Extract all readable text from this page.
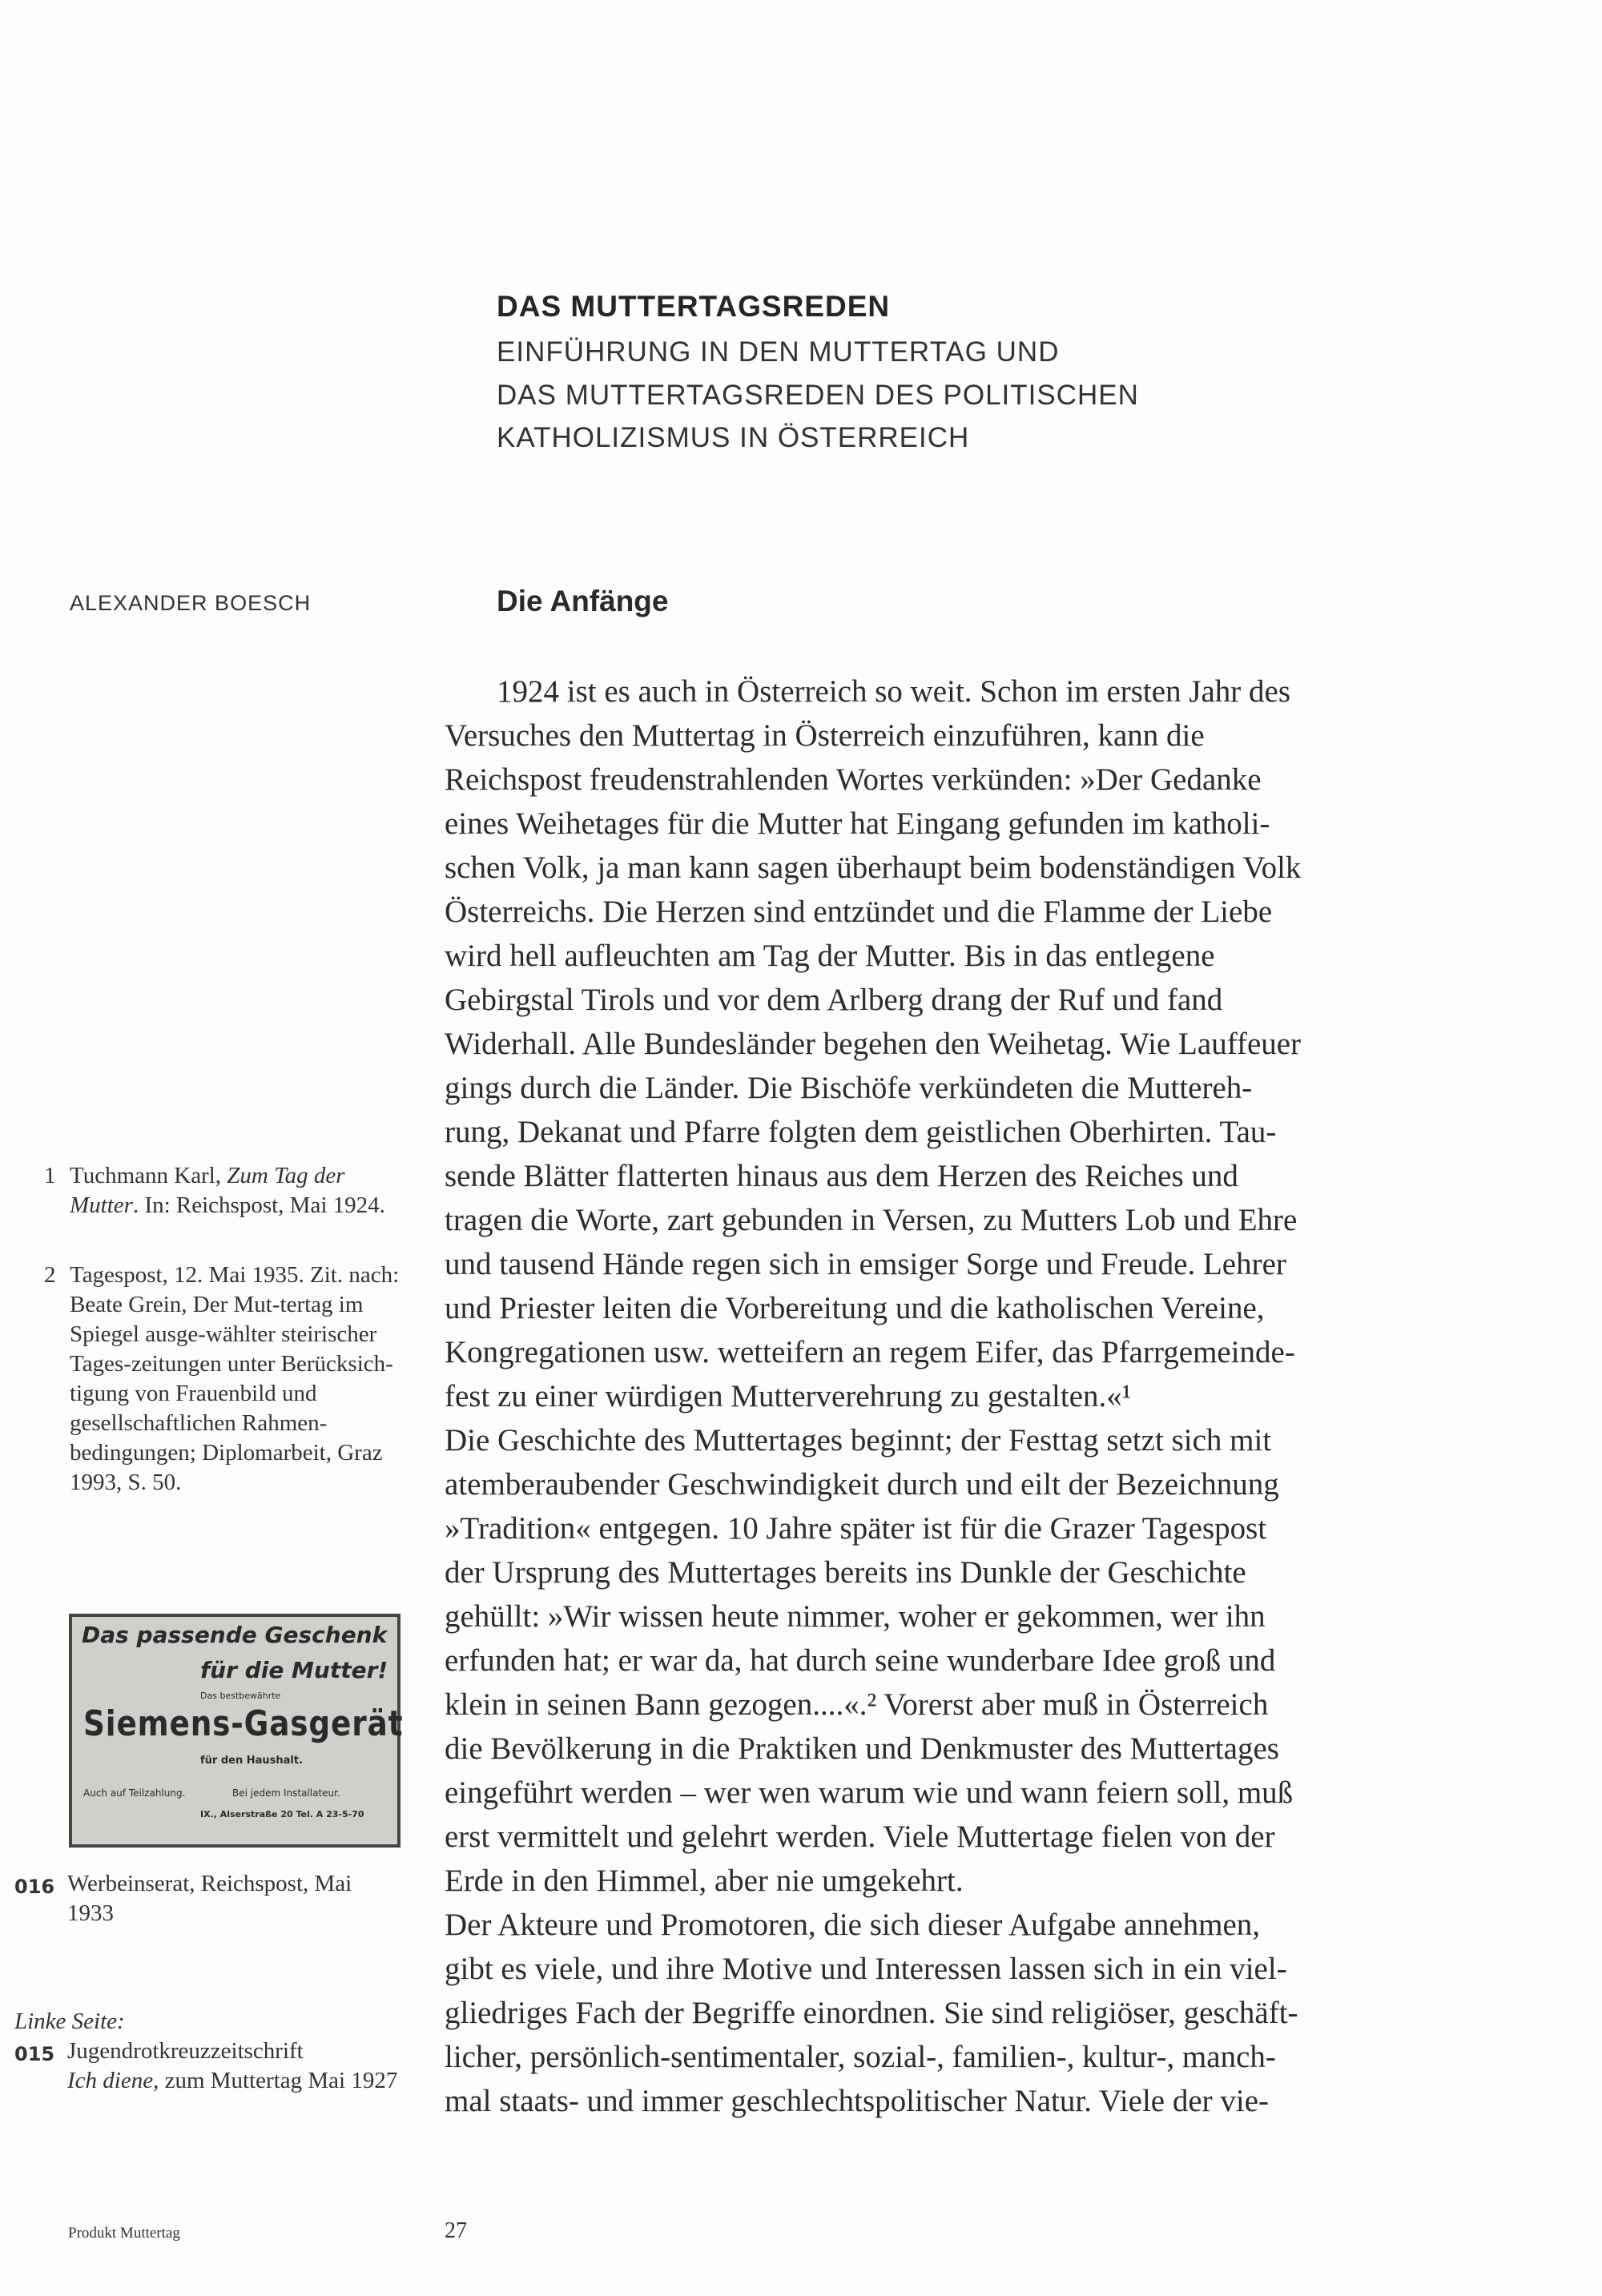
DAS MUTTERTAGSREDEN
EINFÜHRUNG IN DEN MUTTERTAG UND
DAS MUTTERTAGSREDEN DES POLITISCHEN
KATHOLIZISMUS IN ÖSTERREICH
ALEXANDER BOESCH	Die Anfänge
1924 ist es auch in Österreich so weit. Schon im ersten Jahr des
Versuches den Muttertag in Österreich einzuführen, kann die
Reichspost freudenstrahlenden Wortes verkünden: »Der Gedanke
eines Weihetages für die Mutter hat Eingang gefunden im katholi-
schen Volk, ja man kann sagen überhaupt beim bodenständigen Volk
Österreichs. Die Herzen sind entzündet und die Flamme der Liebe
wird hell aufleuchten am Tag der Mutter. Bis in das entlegene
Gebirgstal Tirols und vor dem Arlberg drang der Ruf und fand
Widerhall. Alle Bundesländer begehen den Weihetag. Wie Lauffeuer
gings durch die Länder. Die Bischöfe verkündeten die Muttereh-
rung, Dekanat und Pfarre folgten dem geistlichen Oberhirten. Tau-
sende Blätter flatterten hinaus aus dem Herzen des Reiches und
tragen die Worte, zart gebunden in Versen, zu Mutters Lob und Ehre
und tausend Hände regen sich in emsiger Sorge und Freude. Lehrer
und Priester leiten die Vorbereitung und die katholischen Vereine,
Kongregationen usw. wetteifern an regem Eifer, das Pfarrgemeinde-
fest zu einer würdigen Mutterverehrung zu gestalten.«¹
Die Geschichte des Muttertages beginnt; der Festtag setzt sich mit
atemberaubender Geschwindigkeit durch und eilt der Bezeichnung
»Tradition« entgegen. 10 Jahre später ist für die Grazer Tagespost
der Ursprung des Muttertages bereits ins Dunkle der Geschichte
gehüllt: »Wir wissen heute nimmer, woher er gekommen, wer ihn
erfunden hat; er war da, hat durch seine wunderbare Idee groß und
klein in seinen Bann gezogen....«.² Vorerst aber muß in Österreich
die Bevölkerung in die Praktiken und Denkmuster des Muttertages
eingeführt werden – wer wen warum wie und wann feiern soll, muß
erst vermittelt und gelehrt werden. Viele Muttertage fielen von der
Erde in den Himmel, aber nie umgekehrt.
Der Akteure und Promotoren, die sich dieser Aufgabe annehmen,
gibt es viele, und ihre Motive und Interessen lassen sich in ein viel-
gliedriges Fach der Begriffe einordnen. Sie sind religiöser, geschäft-
licher, persönlich-sentimentaler, sozial-, familien-, kultur-, manch-
mal staats- und immer geschlechtspolitischer Natur. Viele der vie-
1 Tuchmann Karl, Zum Tag der Mutter. In: Reichspost, Mai 1924.
2 Tagespost, 12. Mai 1935. Zit. nach: Beate Grein, Der Mut-tertag im Spiegel ausge-wählter steirischer Tages-zeitungen unter Berücksich-tigung von Frauenbild und gesellschaftlichen Rahmen-bedingungen; Diplomarbeit, Graz 1993, S. 50.
Das passende Geschenk
für die Mutter!
Das bestbewährte
Siemens-Gasgerät
für den Haushalt.
Auch auf Teilzahlung.	Bei jedem Installateur.
IX., Alserstraße 20 Tel. A 23-5-70
016 Werbeinserat, Reichspost, Mai 1933
Linke Seite:
015 Jugendrotkreuzzeitschrift
Ich diene, zum Muttertag Mai 1927
Produkt Muttertag	27
